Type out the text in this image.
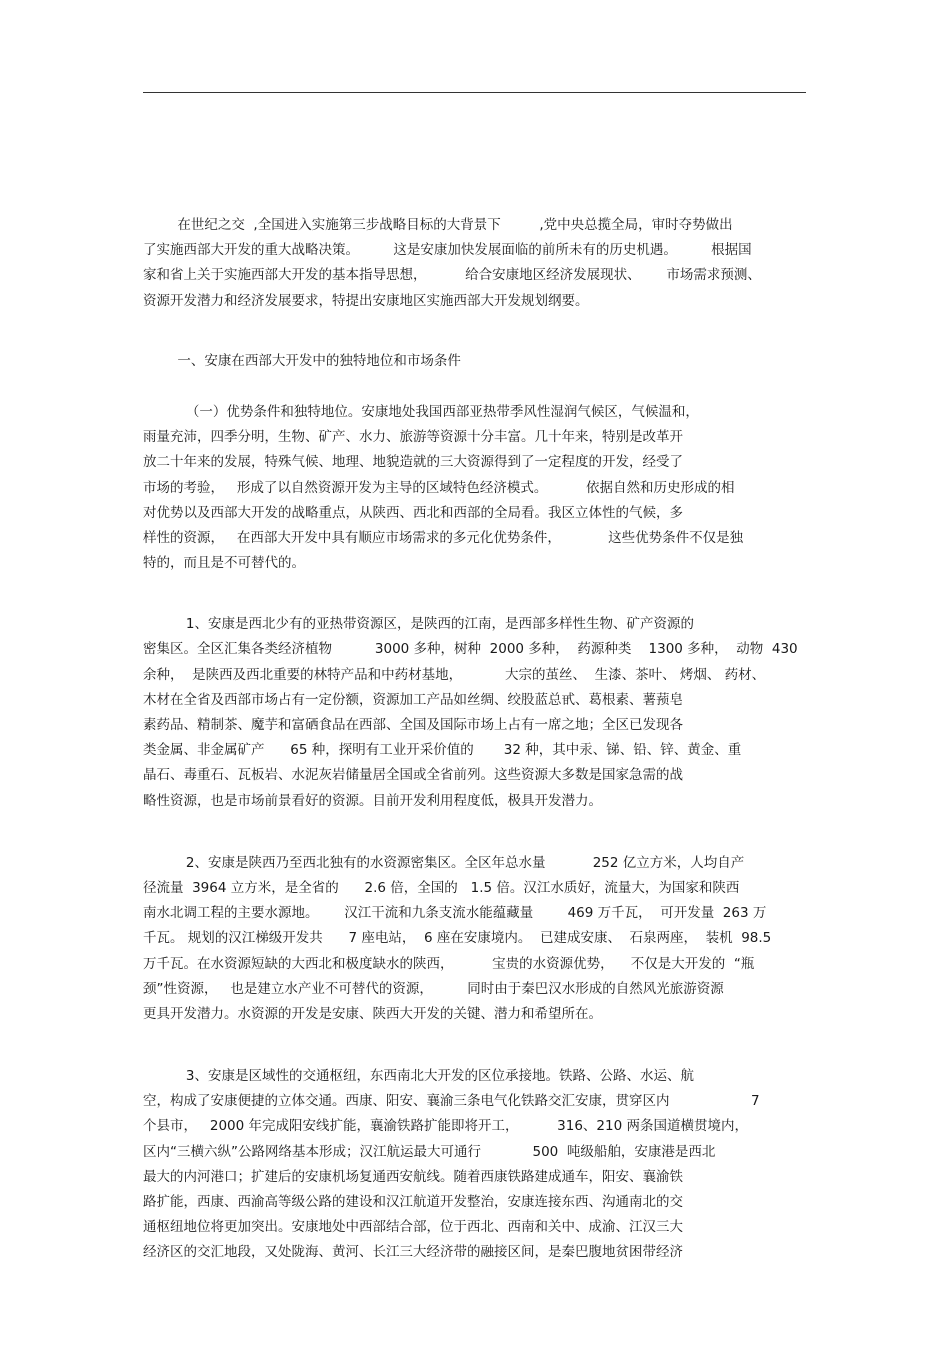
在世纪之交  ,全国进入实施第三步战略目标的大背景下         ,党中央总揽全局，审时夺势做出
了实施西部大开发的重大战略决策。        这是安康加快发展面临的前所未有的历史机遇。        根据国
家和省上关于实施西部大开发的基本指导思想，         给合安康地区经济发展现状、      市场需求预测、
资源开发潜力和经济发展要求，特提出安康地区实施西部大开发规划纲要。
一、安康在西部大开发中的独特地位和市场条件
（一）优势条件和独特地位。安康地处我国西部亚热带季风性湿润气候区，气候温和，
雨量充沛，四季分明，生物、矿产、水力、旅游等资源十分丰富。几十年来，特别是改革开
放二十年来的发展，特殊气候、地理、地貌造就的三大资源得到了一定程度的开发，经受了
市场的考验，   形成了以自然资源开发为主导的区域特色经济模式。         依据自然和历史形成的相
对优势以及西部大开发的战略重点，从陕西、西北和西部的全局看。我区立体性的气候，多
样性的资源，   在西部大开发中具有顺应市场需求的多元化优势条件，           这些优势条件不仅是独
特的，而且是不可替代的。
1、安康是西北少有的亚热带资源区，是陕西的江南，是西部多样性生物、矿产资源的
密集区。全区汇集各类经济植物          3000 多种，树种  2000 多种，  药源种类    1300 多种，  动物  430
余种，  是陕西及西北重要的林特产品和中药材基地，          大宗的茧丝、  生漆、茶叶、 烤烟、 药材、
木材在全省及西部市场占有一定份额，资源加工产品如丝绸、绞股蓝总甙、葛根素、薯蓣皂
素药品、精制茶、魔芋和富硒食品在西部、全国及国际市场上占有一席之地；全区已发现各
类金属、非金属矿产      65 种，探明有工业开采价值的       32 种，其中汞、锑、铅、锌、黄金、重
晶石、毒重石、瓦板岩、水泥灰岩储量居全国或全省前列。这些资源大多数是国家急需的战
略性资源，也是市场前景看好的资源。目前开发利用程度低，极具开发潜力。
2、安康是陕西乃至西北独有的水资源密集区。全区年总水量           252 亿立方米，人均自产
径流量  3964 立方米，是全省的      2.6 倍，全国的   1.5 倍。汉江水质好，流量大，为国家和陕西
南水北调工程的主要水源地。      汉江干流和九条支流水能蕴藏量        469 万千瓦，  可开发量  263 万
千瓦。 规划的汉江梯级开发共      7 座电站，  6 座在安康境内。  已建成安康、  石泉两座，  装机  98.5
万千瓦。在水资源短缺的大西北和极度缺水的陕西，         宝贵的水资源优势，    不仅是大开发的  “瓶
颈”性资源，   也是建立水产业不可替代的资源，        同时由于秦巴汉水形成的自然风光旅游资源
更具开发潜力。水资源的开发是安康、陕西大开发的关键、潜力和希望所在。
3、安康是区域性的交通枢纽，东西南北大开发的区位承接地。铁路、公路、水运、航
空，构成了安康便捷的立体交通。西康、阳安、襄渝三条电气化铁路交汇安康，贯穿区内                   7
个县市，   2000 年完成阳安线扩能，襄渝铁路扩能即将开工，         316、210 两条国道横贯境内，
区内“三横六纵”公路网络基本形成；汉江航运最大可通行            500  吨级船舶，安康港是西北
最大的内河港口；扩建后的安康机场复通西安航线。随着西康铁路建成通车，阳安、襄渝铁
路扩能，西康、西渝高等级公路的建设和汉江航道开发整治，安康连接东西、沟通南北的交
通枢纽地位将更加突出。安康地处中西部结合部，位于西北、西南和关中、成渝、江汉三大
经济区的交汇地段，又处陇海、黄河、长江三大经济带的融接区间，是秦巴腹地贫困带经济
